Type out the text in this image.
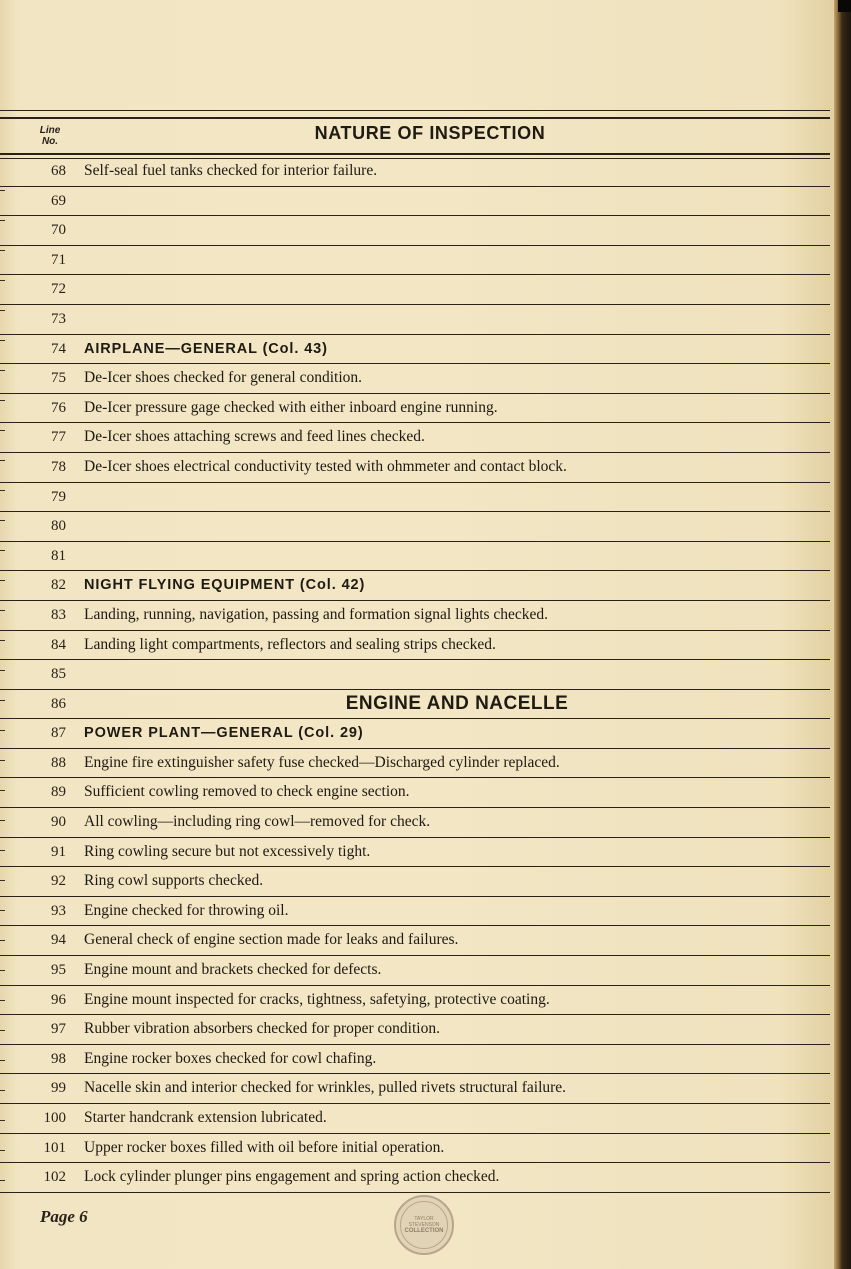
Line
No.	NATURE OF INSPECTION
68 Self-seal fuel tanks checked for interior failure.
69
70
71
72
73
74 AIRPLANE—GENERAL (Col. 43)
75 De-Icer shoes checked for general condition.
76 De-Icer pressure gage checked with either inboard engine running.
77 De-Icer shoes attaching screws and feed lines checked.
78 De-Icer shoes electrical conductivity tested with ohmmeter and contact block.
79
80
81
82 NIGHT FLYING EQUIPMENT (Col. 42)
83 Landing, running, navigation, passing and formation signal lights checked.
84 Landing light compartments, reflectors and sealing strips checked.
85
86	ENGINE AND NACELLE
87 POWER PLANT—GENERAL (Col. 29)
88 Engine fire extinguisher safety fuse checked—Discharged cylinder replaced.
89 Sufficient cowling removed to check engine section.
90 All cowling—including ring cowl—removed for check.
91 Ring cowling secure but not excessively tight.
92 Ring cowl supports checked.
93 Engine checked for throwing oil.
94 General check of engine section made for leaks and failures.
95 Engine mount and brackets checked for defects.
96 Engine mount inspected for cracks, tightness, safetying, protective coating.
97 Rubber vibration absorbers checked for proper condition.
98 Engine rocker boxes checked for cowl chafing.
99 Nacelle skin and interior checked for wrinkles, pulled rivets structural failure.
100 Starter handcrank extension lubricated.
101 Upper rocker boxes filled with oil before initial operation.
102 Lock cylinder plunger pins engagement and spring action checked.
Page 6	TAYLOR
STEVENSON
COLLECTION
